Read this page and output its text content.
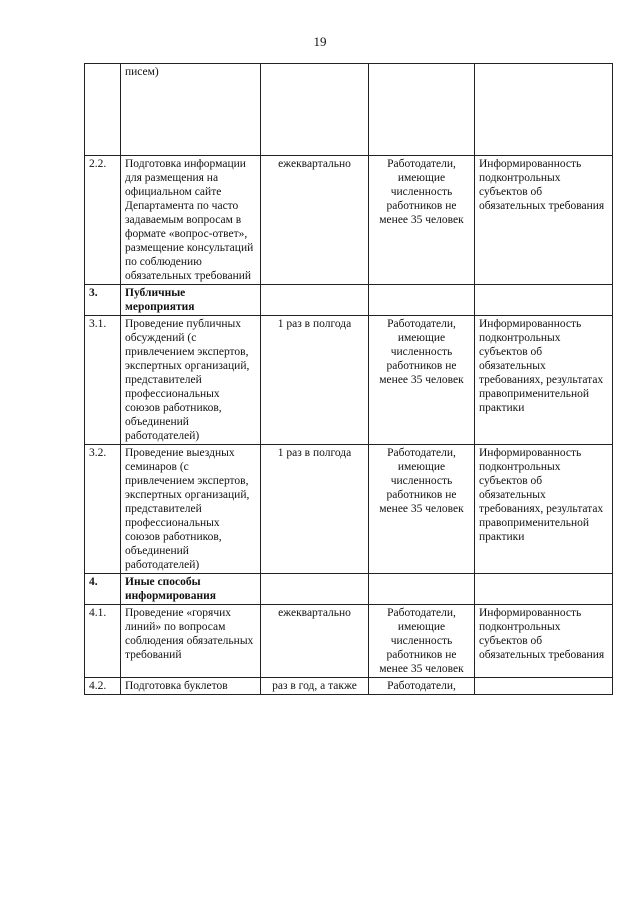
19
	писем)			
2.2.	Подготовка информации для размещения на официальном сайте Департамента по часто задаваемым вопросам в формате «вопрос-ответ», размещение консультаций по соблюдению обязательных требований	ежеквартально	Работодатели, имеющие численность работников не менее 35 человек	Информированность подконтрольных субъектов об обязательных требования
3.	Публичные мероприятия			
3.1.	Проведение публичных обсуждений (с привлечением экспертов, экспертных организаций, представителей профессиональных союзов работников, объединений работодателей)	1 раз в полгода	Работодатели, имеющие численность работников не менее 35 человек	Информированность подконтрольных субъектов об обязательных требованиях, результатах правоприменительной практики
3.2.	Проведение выездных семинаров (с привлечением экспертов, экспертных организаций, представителей профессиональных союзов работников, объединений работодателей)	1 раз в полгода	Работодатели, имеющие численность работников не менее 35 человек	Информированность подконтрольных субъектов об обязательных требованиях, результатах правоприменительной практики
4.	Иные способы информирования			
4.1.	Проведение «горячих линий» по вопросам соблюдения обязательных требований	ежеквартально	Работодатели, имеющие численность работников не менее 35 человек	Информированность подконтрольных субъектов об обязательных требования
4.2.	Подготовка буклетов	раз в год, а также	Работодатели,	
